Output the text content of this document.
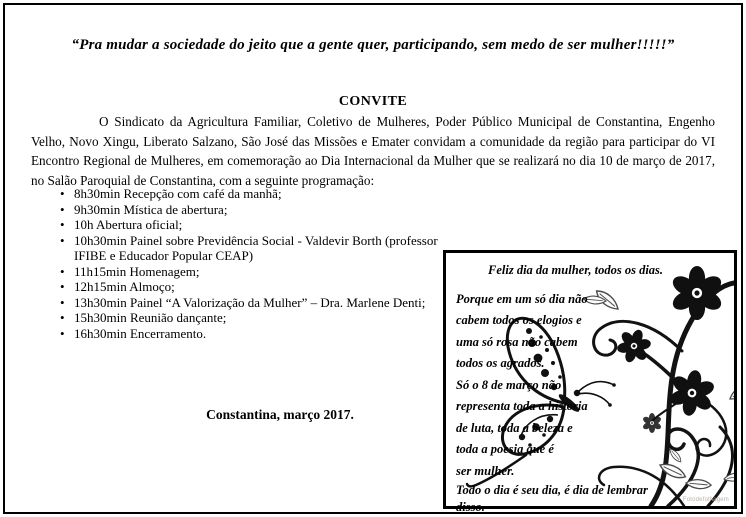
“Pra mudar a sociedade do jeito que a gente quer, participando, sem medo de ser mulher!!!!!”
CONVITE

O Sindicato da Agricultura Familiar, Coletivo de Mulheres, Poder Público Municipal de Constantina, Engenho Velho, Novo Xingu, Liberato Salzano, São José das Missões e Emater convidam a comunidade da região para participar do VI Encontro Regional de Mulheres, em comemoração ao Dia Internacional da Mulher que se realizará no dia 10 de março de 2017, no Salão Paroquial de Constantina, com a seguinte programação:

• 8h30min Recepção com café da manhã;
• 9h30min Mística de abertura;
• 10h Abertura oficial;
• 10h30min Painel sobre Previdência Social - Valdevir Borth (professor IFIBE e Educador Popular CEAP)
• 11h15min Homenagem;
• 12h15min Almoço;
• 13h30min Painel “A Valorização da Mulher” – Dra. Marlene Denti;
• 15h30min Reunião dançante;
• 16h30min Encerramento.
Constantina, março 2017.
Feliz dia da mulher, todos os dias.
Porque em um só dia não
cabem todos os elogios e
uma só rosa não cabem
todos os agrados.
Só o 8 de março não
representa toda a historia
de luta, toda a beleza e
toda a poesia que é
ser mulher.
Todo o dia é seu dia, é dia de lembrar
disso.	Fotodefolhagem
